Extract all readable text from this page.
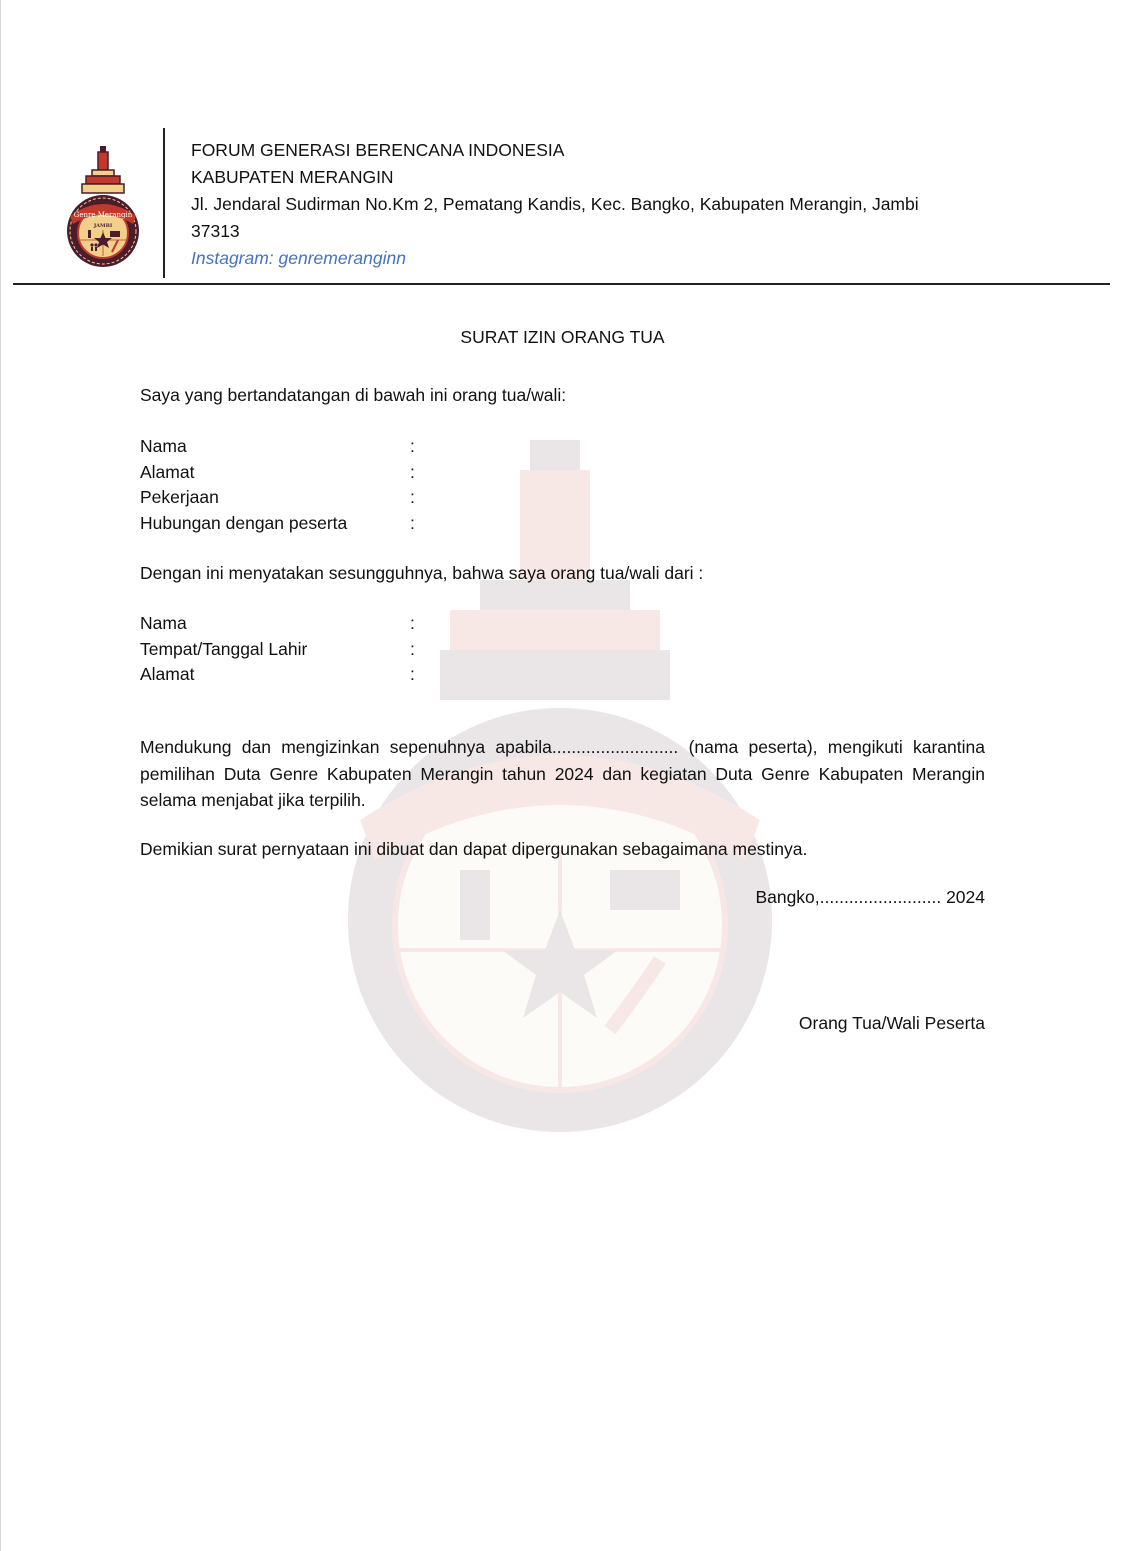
Genre Merangin
JAMBI
FORUM GENERASI BERENCANA INDONESIA
KABUPATEN MERANGIN
Jl. Jendaral Sudirman No.Km 2, Pematang Kandis, Kec. Bangko, Kabupaten Merangin, Jambi
37313
Instagram: genremeranginn
SURAT IZIN ORANG TUA
Saya yang bertandatangan di bawah ini orang tua/wali:
Nama	:
Alamat	:
Pekerjaan	:
Hubungan dengan peserta	:
Dengan ini menyatakan sesungguhnya, bahwa saya orang tua/wali dari :
Nama	:
Tempat/Tanggal Lahir	:
Alamat	:
Mendukung dan mengizinkan sepenuhnya apabila.......................... (nama peserta), mengikuti karantina pemilihan Duta Genre Kabupaten Merangin tahun 2024 dan kegiatan Duta Genre Kabupaten Merangin selama menjabat jika terpilih.
Demikian surat pernyataan ini dibuat dan dapat dipergunakan sebagaimana mestinya.
Bangko,......................... 2024
Orang Tua/Wali Peserta
